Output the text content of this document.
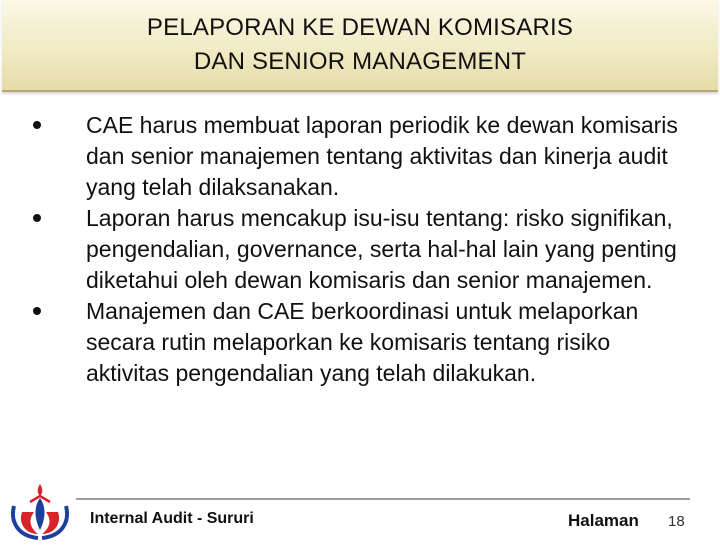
PELAPORAN KE DEWAN KOMISARIS
DAN SENIOR MANAGEMENT
CAE harus membuat laporan periodik ke dewan komisaris dan senior manajemen tentang aktivitas dan kinerja audit yang telah dilaksanakan.
Laporan harus mencakup isu-isu tentang: risko signifikan, pengendalian, governance, serta hal-hal lain yang penting diketahui oleh dewan komisaris dan senior manajemen.
Manajemen dan CAE berkoordinasi untuk melaporkan secara rutin melaporkan ke komisaris tentang risiko aktivitas pengendalian yang telah dilakukan.
Internal Audit - Sururi	Halaman 18
